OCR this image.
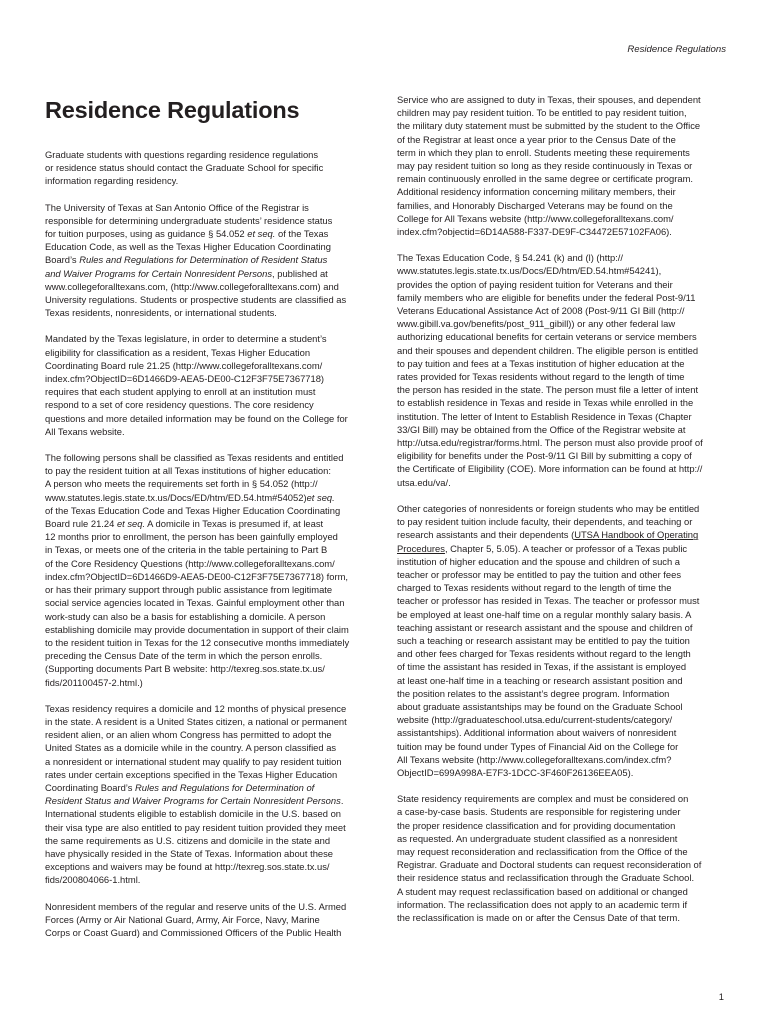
Residence Regulations
Residence Regulations

Graduate students with questions regarding residence regulations
or residence status should contact the Graduate School for specific
information regarding residency.

The University of Texas at San Antonio Office of the Registrar is
responsible for determining undergraduate students’ residence status
for tuition purposes, using as guidance § 54.052 et seq. of the Texas
Education Code, as well as the Texas Higher Education Coordinating
Board’s Rules and Regulations for Determination of Resident Status
and Waiver Programs for Certain Nonresident Persons, published at
www.collegeforalltexans.com, (http://www.collegeforalltexans.com) and
University regulations. Students or prospective students are classified as
Texas residents, nonresidents, or international students.

Mandated by the Texas legislature, in order to determine a student’s
eligibility for classification as a resident, Texas Higher Education
Coordinating Board rule 21.25 (http://www.collegeforalltexans.com/
index.cfm?ObjectID=6D1466D9-AEA5-DE00-C12F3F75E7367718)
requires that each student applying to enroll at an institution must
respond to a set of core residency questions. The core residency
questions and more detailed information may be found on the College for
All Texans website.

The following persons shall be classified as Texas residents and entitled
to pay the resident tuition at all Texas institutions of higher education:
A person who meets the requirements set forth in § 54.052 (http://
www.statutes.legis.state.tx.us/Docs/ED/htm/ED.54.htm#54052)et seq.
of the Texas Education Code and Texas Higher Education Coordinating
Board rule 21.24 et seq. A domicile in Texas is presumed if, at least
12 months prior to enrollment, the person has been gainfully employed
in Texas, or meets one of the criteria in the table pertaining to Part B
of the Core Residency Questions (http://www.collegeforalltexans.com/
index.cfm?ObjectID=6D1466D9-AEA5-DE00-C12F3F75E7367718) form,
or has their primary support through public assistance from legitimate
social service agencies located in Texas. Gainful employment other than
work-study can also be a basis for establishing a domicile. A person
establishing domicile may provide documentation in support of their claim
to the resident tuition in Texas for the 12 consecutive months immediately
preceding the Census Date of the term in which the person enrolls.
(Supporting documents Part B website: http://texreg.sos.state.tx.us/
fids/201100457-2.html.)

Texas residency requires a domicile and 12 months of physical presence
in the state. A resident is a United States citizen, a national or permanent
resident alien, or an alien whom Congress has permitted to adopt the
United States as a domicile while in the country. A person classified as
a nonresident or international student may qualify to pay resident tuition
rates under certain exceptions specified in the Texas Higher Education
Coordinating Board’s Rules and Regulations for Determination of
Resident Status and Waiver Programs for Certain Nonresident Persons.
International students eligible to establish domicile in the U.S. based on
their visa type are also entitled to pay resident tuition provided they meet
the same requirements as U.S. citizens and domicile in the state and
have physically resided in the State of Texas. Information about these
exceptions and waivers may be found at http://texreg.sos.state.tx.us/
fids/200804066-1.html.

Nonresident members of the regular and reserve units of the U.S. Armed
Forces (Army or Air National Guard, Army, Air Force, Navy, Marine
Corps or Coast Guard) and Commissioned Officers of the Public Health

Service who are assigned to duty in Texas, their spouses, and dependent
children may pay resident tuition. To be entitled to pay resident tuition,
the military duty statement must be submitted by the student to the Office
of the Registrar at least once a year prior to the Census Date of the
term in which they plan to enroll. Students meeting these requirements
may pay resident tuition so long as they reside continuously in Texas or
remain continuously enrolled in the same degree or certificate program.
Additional residency information concerning military members, their
families, and Honorably Discharged Veterans may be found on the
College for All Texans website (http://www.collegeforalltexans.com/
index.cfm?objectid=6D14A588-F337-DE9F-C34472E57102FA06).

The Texas Education Code, § 54.241 (k) and (l) (http://
www.statutes.legis.state.tx.us/Docs/ED/htm/ED.54.htm#54241),
provides the option of paying resident tuition for Veterans and their
family members who are eligible for benefits under the federal Post-9/11
Veterans Educational Assistance Act of 2008 (Post-9/11 GI Bill (http://
www.gibill.va.gov/benefits/post_911_gibill)) or any other federal law
authorizing educational benefits for certain veterans or service members
and their spouses and dependent children. The eligible person is entitled
to pay tuition and fees at a Texas institution of higher education at the
rates provided for Texas residents without regard to the length of time
the person has resided in the state. The person must file a letter of intent
to establish residence in Texas and reside in Texas while enrolled in the
institution. The letter of Intent to Establish Residence in Texas (Chapter
33/GI Bill) may be obtained from the Office of the Registrar website at
http://utsa.edu/registrar/forms.html. The person must also provide proof of
eligibility for benefits under the Post-9/11 GI Bill by submitting a copy of
the Certificate of Eligibility (COE). More information can be found at http://
utsa.edu/va/.

Other categories of nonresidents or foreign students who may be entitled
to pay resident tuition include faculty, their dependents, and teaching or
research assistants and their dependents (UTSA Handbook of Operating
Procedures, Chapter 5, 5.05). A teacher or professor of a Texas public
institution of higher education and the spouse and children of such a
teacher or professor may be entitled to pay the tuition and other fees
charged to Texas residents without regard to the length of time the
teacher or professor has resided in Texas. The teacher or professor must
be employed at least one-half time on a regular monthly salary basis. A
teaching assistant or research assistant and the spouse and children of
such a teaching or research assistant may be entitled to pay the tuition
and other fees charged for Texas residents without regard to the length
of time the assistant has resided in Texas, if the assistant is employed
at least one-half time in a teaching or research assistant position and
the position relates to the assistant’s degree program. Information
about graduate assistantships may be found on the Graduate School
website (http://graduateschool.utsa.edu/current-students/category/
assistantships). Additional information about waivers of nonresident
tuition may be found under Types of Financial Aid on the College for
All Texans website (http://www.collegeforalltexans.com/index.cfm?
ObjectID=699A998A-E7F3-1DCC-3F460F26136EEA05).

State residency requirements are complex and must be considered on
a case-by-case basis. Students are responsible for registering under
the proper residence classification and for providing documentation
as requested. An undergraduate student classified as a nonresident
may request reconsideration and reclassification from the Office of the
Registrar. Graduate and Doctoral students can request reconsideration of
their residence status and reclassification through the Graduate School.
A student may request reclassification based on additional or changed
information. The reclassification does not apply to an academic term if
the reclassification is made on or after the Census Date of that term.

1
